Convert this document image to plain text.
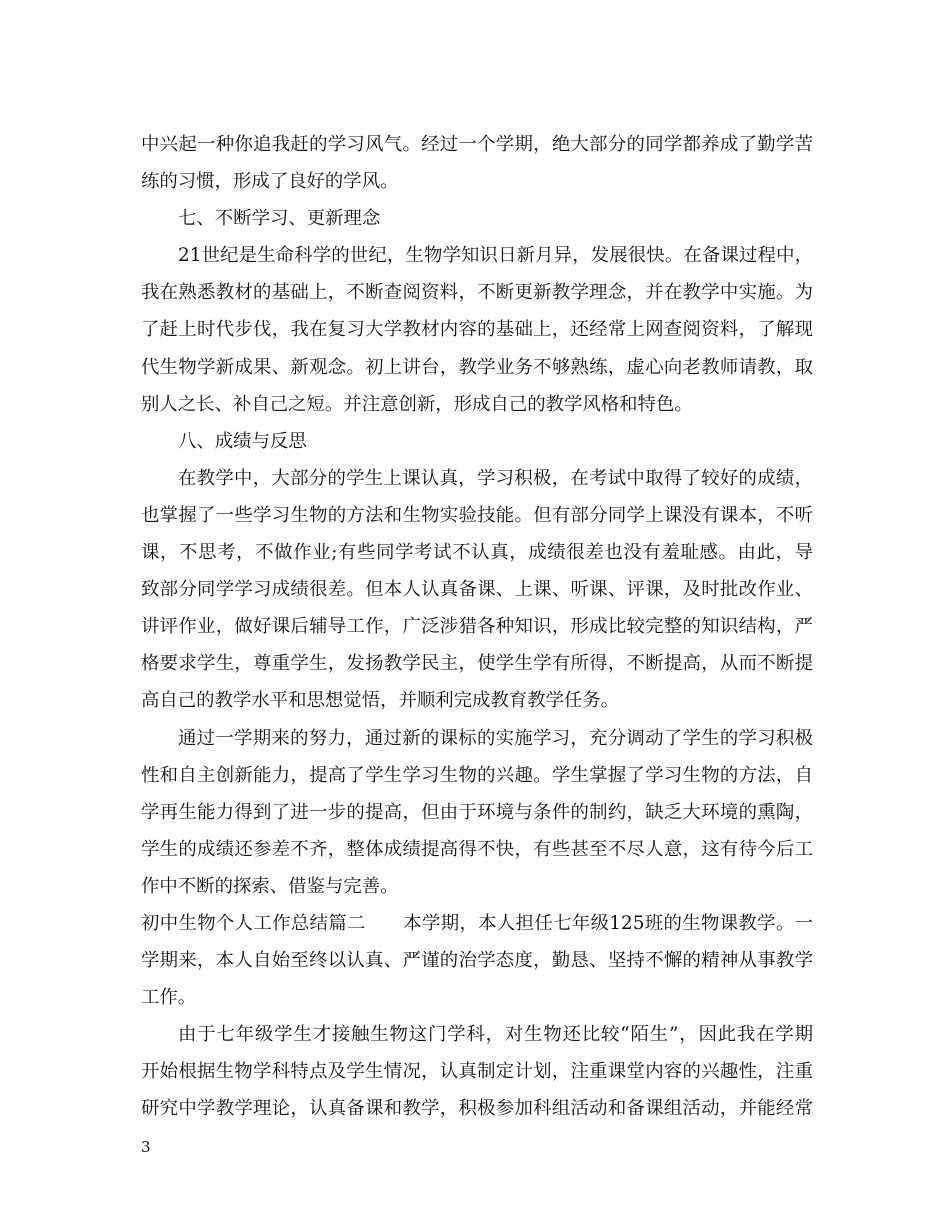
中兴起一种你追我赶的学习风气。经过一个学期，绝大部分的同学都养成了勤学苦
练的习惯，形成了良好的学风。
七、不断学习、更新理念
21世纪是生命科学的世纪，生物学知识日新月异，发展很快。在备课过程中，
我在熟悉教材的基础上，不断查阅资料，不断更新教学理念，并在教学中实施。为
了赶上时代步伐，我在复习大学教材内容的基础上，还经常上网查阅资料，了解现
代生物学新成果、新观念。初上讲台，教学业务不够熟练，虚心向老教师请教，取
别人之长、补自己之短。并注意创新，形成自己的教学风格和特色。
八、成绩与反思
在教学中，大部分的学生上课认真，学习积极，在考试中取得了较好的成绩，
也掌握了一些学习生物的方法和生物实验技能。但有部分同学上课没有课本，不听
课，不思考，不做作业;有些同学考试不认真，成绩很差也没有羞耻感。由此，导
致部分同学学习成绩很差。但本人认真备课、上课、听课、评课，及时批改作业、
讲评作业，做好课后辅导工作，广泛涉猎各种知识，形成比较完整的知识结构，严
格要求学生，尊重学生，发扬教学民主，使学生学有所得，不断提高，从而不断提
高自己的教学水平和思想觉悟，并顺利完成教育教学任务。
通过一学期来的努力，通过新的课标的实施学习，充分调动了学生的学习积极
性和自主创新能力，提高了学生学习生物的兴趣。学生掌握了学习生物的方法，自
学再生能力得到了进一步的提高，但由于环境与条件的制约，缺乏大环境的熏陶，
学生的成绩还参差不齐，整体成绩提高得不快，有些甚至不尽人意，这有待今后工
作中不断的探索、借鉴与完善。
初中生物个人工作总结篇二　　本学期，本人担任七年级125班的生物课教学。一
学期来，本人自始至终以认真、严谨的治学态度，勤恳、坚持不懈的精神从事教学
工作。
由于七年级学生才接触生物这门学科，对生物还比较“陌生”，因此我在学期
开始根据生物学科特点及学生情况，认真制定计划，注重课堂内容的兴趣性，注重
研究中学教学理论，认真备课和教学，积极参加科组活动和备课组活动，并能经常
3
